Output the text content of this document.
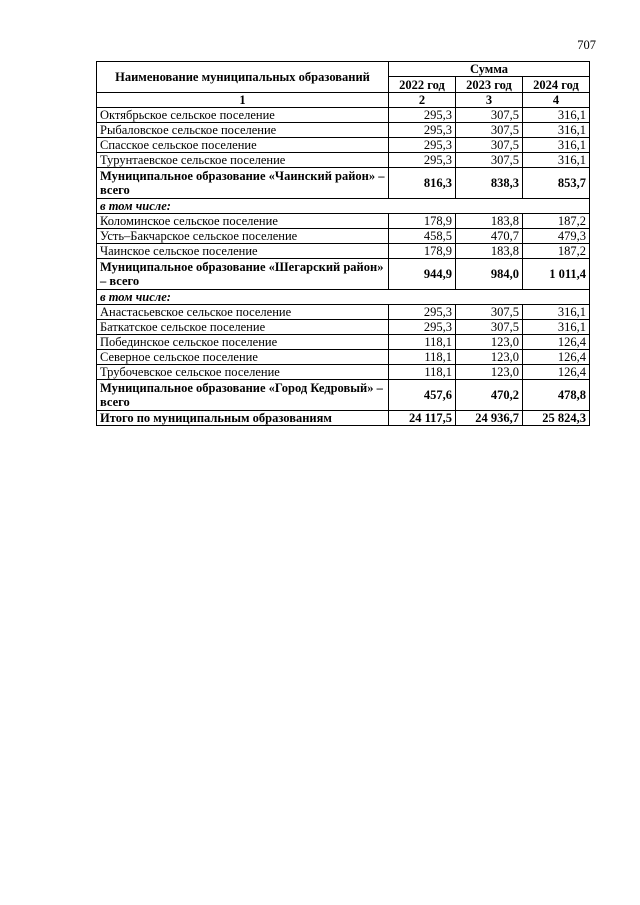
707
Наименование муниципальных образований	Сумма		
	2022 год	2023 год	2024 год
1	2	3	4
Октябрьское сельское поселение	295,3	307,5	316,1
Рыбаловское сельское поселение	295,3	307,5	316,1
Спасское сельское поселение	295,3	307,5	316,1
Турунтаевское сельское поселение	295,3	307,5	316,1
Муниципальное образование «Чаинский район» – всего	816,3	838,3	853,7
в том числе:			
Коломинское сельское поселение	178,9	183,8	187,2
Усть–Бакчарское сельское поселение	458,5	470,7	479,3
Чаинское сельское поселение	178,9	183,8	187,2
Муниципальное образование «Шегарский район» – всего	944,9	984,0	1 011,4
в том числе:			
Анастасьевское сельское поселение	295,3	307,5	316,1
Баткатское сельское поселение	295,3	307,5	316,1
Побединское сельское поселение	118,1	123,0	126,4
Северное сельское поселение	118,1	123,0	126,4
Трубочевское сельское поселение	118,1	123,0	126,4
Муниципальное образование «Город Кедровый» – всего	457,6	470,2	478,8
Итого по муниципальным образованиям	24 117,5	24 936,7	25 824,3
